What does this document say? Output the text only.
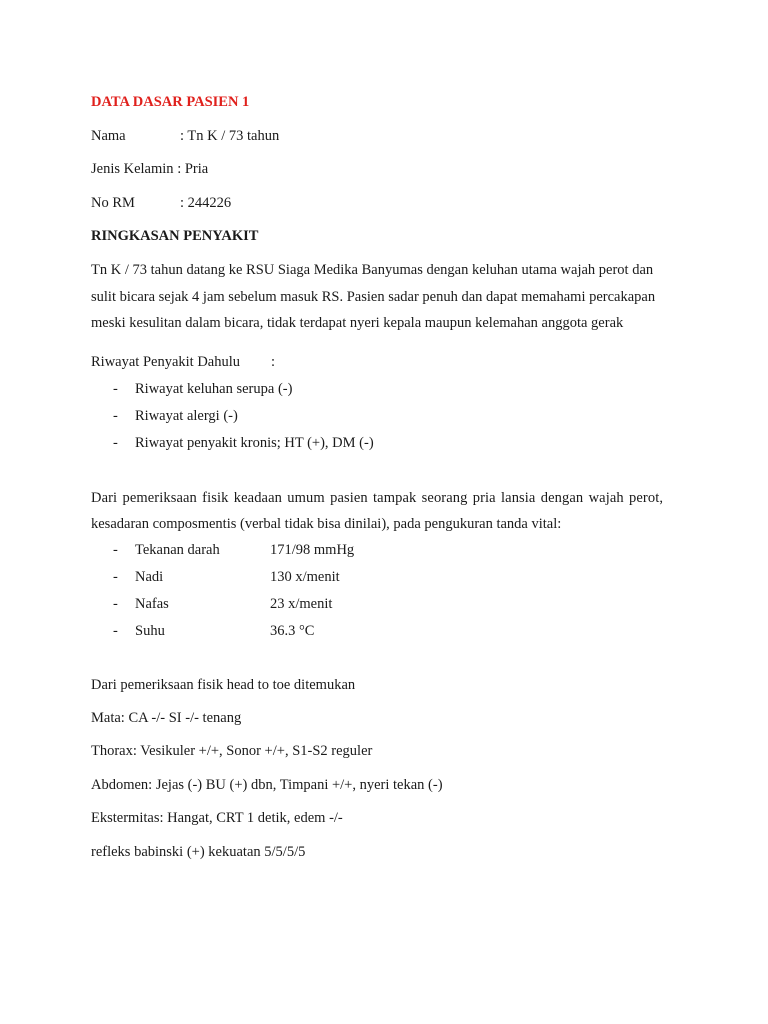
DATA DASAR PASIEN 1
Nama	: Tn K / 73 tahun
Jenis Kelamin : Pria
No RM	: 244226
RINGKASAN PENYAKIT
Tn K / 73 tahun datang ke RSU Siaga Medika Banyumas dengan keluhan utama wajah perot dan
sulit bicara sejak 4 jam sebelum masuk RS. Pasien sadar penuh dan dapat memahami percakapan
meski kesulitan dalam bicara, tidak terdapat nyeri kepala maupun kelemahan anggota gerak
Riwayat Penyakit Dahulu :
- Riwayat keluhan serupa (-)
- Riwayat alergi (-)
- Riwayat penyakit kronis; HT (+), DM (-)
Dari pemeriksaan fisik keadaan umum pasien tampak seorang pria lansia dengan wajah perot,
kesadaran composmentis (verbal tidak bisa dinilai), pada pengukuran tanda vital:
- Tekanan darah	171/98 mmHg
- Nadi	130 x/menit
- Nafas	23 x/menit
- Suhu	36.3 °C
Dari pemeriksaan fisik head to toe ditemukan
Mata: CA -/- SI -/- tenang
Thorax: Vesikuler +/+, Sonor +/+, S1-S2 reguler
Abdomen: Jejas (-) BU (+) dbn, Timpani +/+, nyeri tekan (-)
Ekstermitas: Hangat, CRT 1 detik, edem -/-
refleks babinski (+) kekuatan 5/5/5/5
